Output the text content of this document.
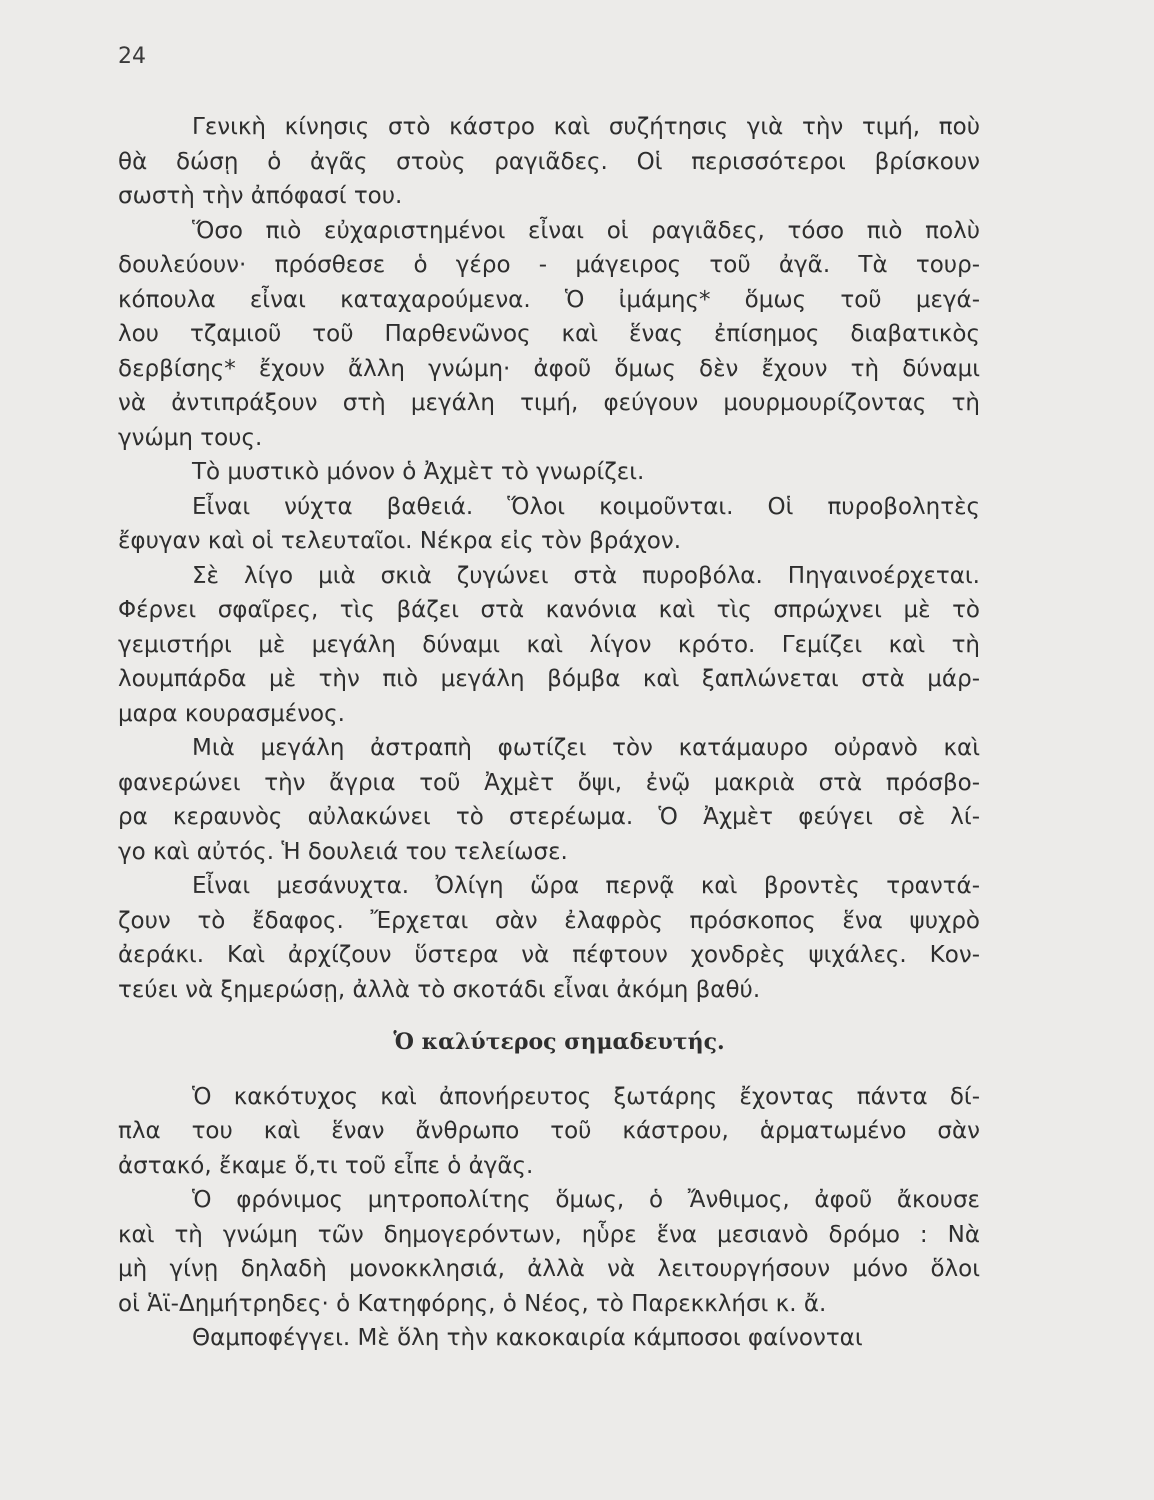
24
Γενικὴ κίνησις στὸ κάστρο καὶ συζήτησις γιὰ τὴν τιμή, ποὺ
θὰ δώσῃ ὁ ἀγᾶς στοὺς ραγιᾶδες. Οἱ περισσότεροι βρίσκουν
σωστὴ τὴν ἀπόφασί του.
Ὅσο πιὸ εὐχαριστημένοι εἶναι οἱ ραγιᾶδες, τόσο πιὸ πολὺ
δουλεύουν· πρόσθεσε ὁ γέρο - μάγειρος τοῦ ἀγᾶ. Τὰ τουρ-
κόπουλα εἶναι καταχαρούμενα. Ὁ ἰμάμης* ὅμως τοῦ μεγά-
λου τζαμιοῦ τοῦ Παρθενῶνος καὶ ἕνας ἐπίσημος διαβατικὸς
δερβίσης* ἔχουν ἄλλη γνώμη· ἀφοῦ ὅμως δὲν ἔχουν τὴ δύναμι
νὰ ἀντιπράξουν στὴ μεγάλη τιμή, φεύγουν μουρμουρίζοντας τὴ
γνώμη τους.
Τὸ μυστικὸ μόνον ὁ Ἀχμὲτ τὸ γνωρίζει.
Εἶναι νύχτα βαθειά. Ὅλοι κοιμοῦνται. Οἱ πυροβολητὲς
ἔφυγαν καὶ οἱ τελευταῖοι. Νέκρα εἰς τὸν βράχον.
Σὲ λίγο μιὰ σκιὰ ζυγώνει στὰ πυροβόλα. Πηγαινοέρχεται.
Φέρνει σφαῖρες, τὶς βάζει στὰ κανόνια καὶ τὶς σπρώχνει μὲ τὸ
γεμιστήρι μὲ μεγάλη δύναμι καὶ λίγον κρότο. Γεμίζει καὶ τὴ
λουμπάρδα μὲ τὴν πιὸ μεγάλη βόμβα καὶ ξαπλώνεται στὰ μάρ-
μαρα κουρασμένος.
Μιὰ μεγάλη ἀστραπὴ φωτίζει τὸν κατάμαυρο οὐρανὸ καὶ
φανερώνει τὴν ἄγρια τοῦ Ἀχμὲτ ὄψι, ἐνῷ μακριὰ στὰ πρόσβο-
ρα κεραυνὸς αὐλακώνει τὸ στερέωμα. Ὁ Ἀχμὲτ φεύγει σὲ λί-
γο καὶ αὐτός. Ἡ δουλειά του τελείωσε.
Εἶναι μεσάνυχτα. Ὀλίγη ὥρα περνᾷ καὶ βροντὲς τραντά-
ζουν τὸ ἔδαφος. Ἔρχεται σὰν ἐλαφρὸς πρόσκοπος ἕνα ψυχρὸ
ἀεράκι. Καὶ ἀρχίζουν ὕστερα νὰ πέφτουν χονδρὲς ψιχάλες. Κον-
τεύει νὰ ξημερώσῃ, ἀλλὰ τὸ σκοτάδι εἶναι ἀκόμη βαθύ.
Ὁ καλύτερος σημαδευτής.
Ὁ κακότυχος καὶ ἀπονήρευτος ξωτάρης ἔχοντας πάντα δί-
πλα του καὶ ἕναν ἄνθρωπο τοῦ κάστρου, ἁρματωμένο σὰν
ἀστακό, ἔκαμε ὅ,τι τοῦ εἶπε ὁ ἀγᾶς.
Ὁ φρόνιμος μητροπολίτης ὅμως, ὁ Ἄνθιμος, ἀφοῦ ἄκουσε
καὶ τὴ γνώμη τῶν δημογερόντων, ηὗρε ἕνα μεσιανὸ δρόμο : Νὰ
μὴ γίνῃ δηλαδὴ μονοκκλησιά, ἀλλὰ νὰ λειτουργήσουν μόνο ὅλοι
οἱ Ἁϊ-Δημήτρηδες· ὁ Κατηφόρης, ὁ Νέος, τὸ Παρεκκλήσι κ. ἄ.
Θαμποφέγγει. Μὲ ὅλη τὴν κακοκαιρία κάμποσοι φαίνονται
